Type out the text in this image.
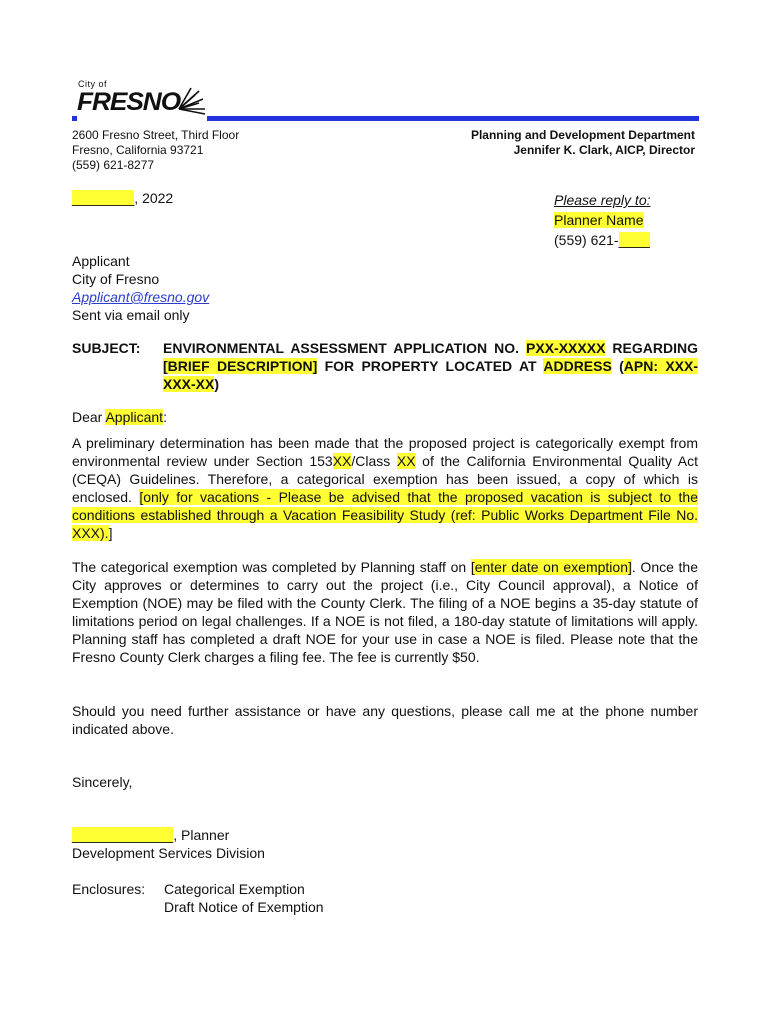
City of
FRESNO
2600 Fresno Street, Third Floor
Fresno, California 93721
(559) 621-8277
Planning and Development Department
Jennifer K. Clark, AICP, Director
________, 2022	Please reply to:
Planner Name
(559) 621-____
Applicant
City of Fresno
Applicant@fresno.gov
Sent via email only
SUBJECT: ENVIRONMENTAL ASSESSMENT APPLICATION NO. PXX-XXXXX REGARDING [BRIEF DESCRIPTION] FOR PROPERTY LOCATED AT ADDRESS (APN: XXX-XXX-XX)
Dear Applicant:
A preliminary determination has been made that the proposed project is categorically exempt from environmental review under Section 153XX/Class XX of the California Environmental Quality Act (CEQA) Guidelines. Therefore, a categorical exemption has been issued, a copy of which is enclosed. [only for vacations - Please be advised that the proposed vacation is subject to the conditions established through a Vacation Feasibility Study (ref: Public Works Department File No. XXX).]
The categorical exemption was completed by Planning staff on [enter date on exemption]. Once the City approves or determines to carry out the project (i.e., City Council approval), a Notice of Exemption (NOE) may be filed with the County Clerk. The filing of a NOE begins a 35-day statute of limitations period on legal challenges. If a NOE is not filed, a 180-day statute of limitations will apply. Planning staff has completed a draft NOE for your use in case a NOE is filed. Please note that the Fresno County Clerk charges a filing fee. The fee is currently $50.
Should you need further assistance or have any questions, please call me at the phone number indicated above.
Sincerely,
_____________, Planner
Development Services Division
Enclosures: Categorical Exemption
Draft Notice of Exemption
